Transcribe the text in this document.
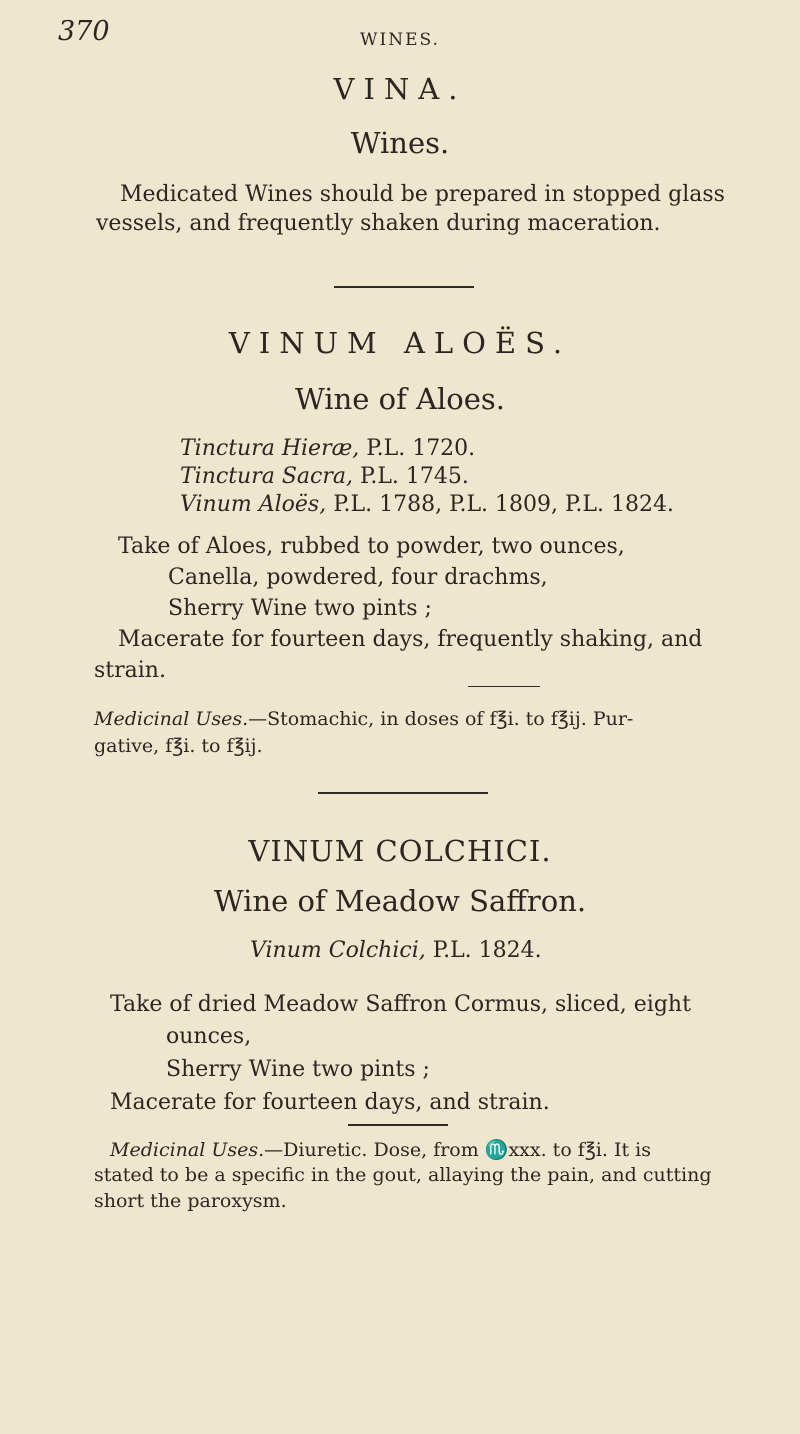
370	WINES.
VINA.
Wines.
Medicated Wines should be prepared in stopped glass
vessels, and frequently shaken during maceration.
VINUM ALOËS.
Wine of Aloes.
Tinctura Hieræ, P.L. 1720.
Tinctura Sacra, P.L. 1745.
Vinum Aloës, P.L. 1788, P.L. 1809, P.L. 1824.
Take of Aloes, rubbed to powder, two ounces,
Canella, powdered, four drachms,
Sherry Wine two pints ;
Macerate for fourteen days, frequently shaking, and
strain.
Medicinal Uses.—Stomachic, in doses of f℥i. to f℥ij. Pur-
gative, f℥i. to f℥ij.
VINUM COLCHICI.
Wine of Meadow Saffron.
Vinum Colchici, P.L. 1824.
Take of dried Meadow Saffron Cormus, sliced, eight
ounces,
Sherry Wine two pints ;
Macerate for fourteen days, and strain.
Medicinal Uses.—Diuretic. Dose, from ♏xxx. to f℥i. It is
stated to be a specific in the gout, allaying the pain, and cutting
short the paroxysm.
